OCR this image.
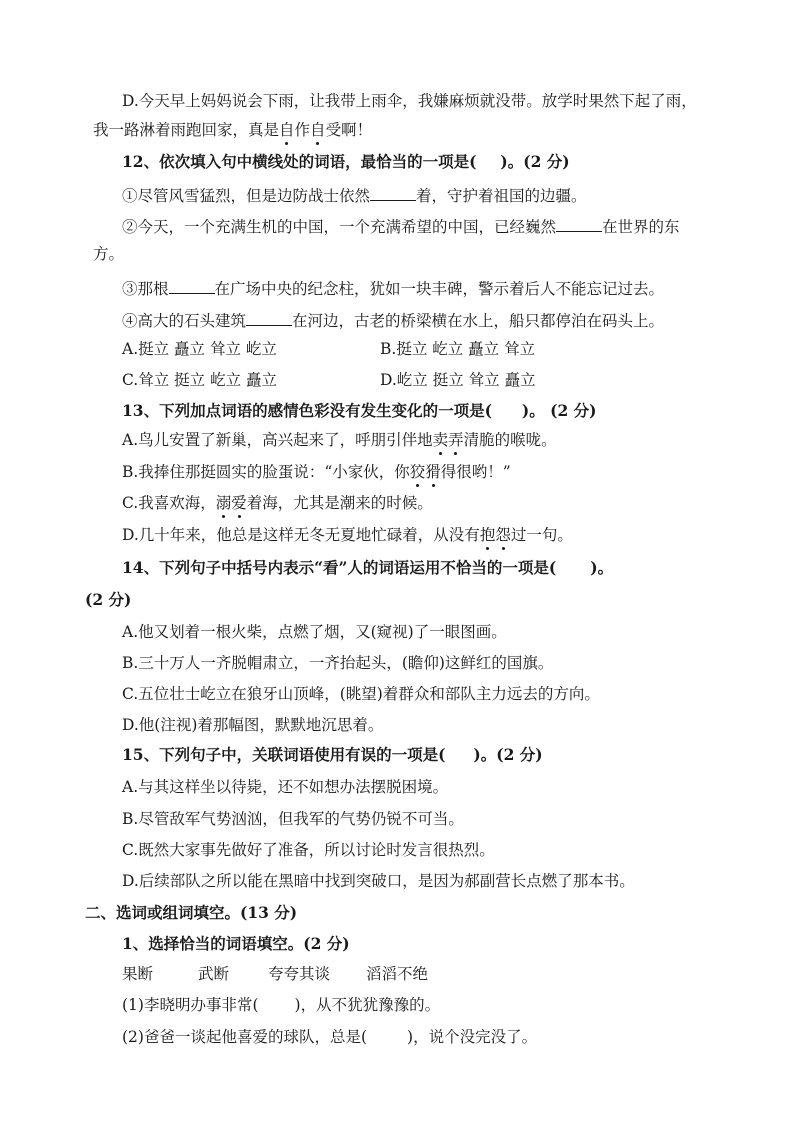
D.今天早上妈妈说会下雨，让我带上雨伞，我嫌麻烦就没带。放学时果然下起了雨，
我一路淋着雨跑回家，真是自作自受啊！
12、依次填入句中横线处的词语，最恰当的一项是( )。(2 分)
①尽管风雪猛烈，但是边防战士依然	着，守护着祖国的边疆。
②今天，一个充满生机的中国，一个充满希望的中国，已经巍然	在世界的东
方。
③那根	在广场中央的纪念柱，犹如一块丰碑，警示着后人不能忘记过去。
④高大的石头建筑	在河边，古老的桥梁横在水上，船只都停泊在码头上。
A.挺立 矗立 耸立 屹立	B.挺立 屹立 矗立 耸立
C.耸立 挺立 屹立 矗立	D.屹立 挺立 耸立 矗立
13、下列加点词语的感情色彩没有发生变化的一项是( )。 (2 分)
A.鸟儿安置了新巢，高兴起来了，呼朋引伴地卖弄清脆的喉咙。
B.我捧住那挺圆实的脸蛋说：“小家伙，你狡猾得很哟！”
C.我喜欢海，溺爱着海，尤其是潮来的时候。
D.几十年来，他总是这样无冬无夏地忙碌着，从没有抱怨过一句。
14、下列句子中括号内表示“看”人的词语运用不恰当的一项是( )。
(2 分)
A.他又划着一根火柴，点燃了烟，又(窥视)了一眼图画。
B.三十万人一齐脱帽肃立，一齐抬起头，(瞻仰)这鲜红的国旗。
C.五位壮士屹立在狼牙山顶峰，(眺望)着群众和部队主力远去的方向。
D.他(注视)着那幅图，默默地沉思着。
15、下列句子中，关联词语使用有误的一项是( )。(2 分)
A.与其这样坐以待毙，还不如想办法摆脱困境。
B.尽管敌军气势汹汹，但我军的气势仍锐不可当。
C.既然大家事先做好了准备，所以讨论时发言很热烈。
D.后续部队之所以能在黑暗中找到突破口，是因为郝副营长点燃了那本书。
二、选词或组词填空。(13 分)
1、选择恰当的词语填空。(2 分)
果断	武断	夸夸其谈 滔滔不绝
(1)李晓明办事非常( )，从不犹犹豫豫的。
(2)爸爸一谈起他喜爱的球队，总是(	)，说个没完没了。
